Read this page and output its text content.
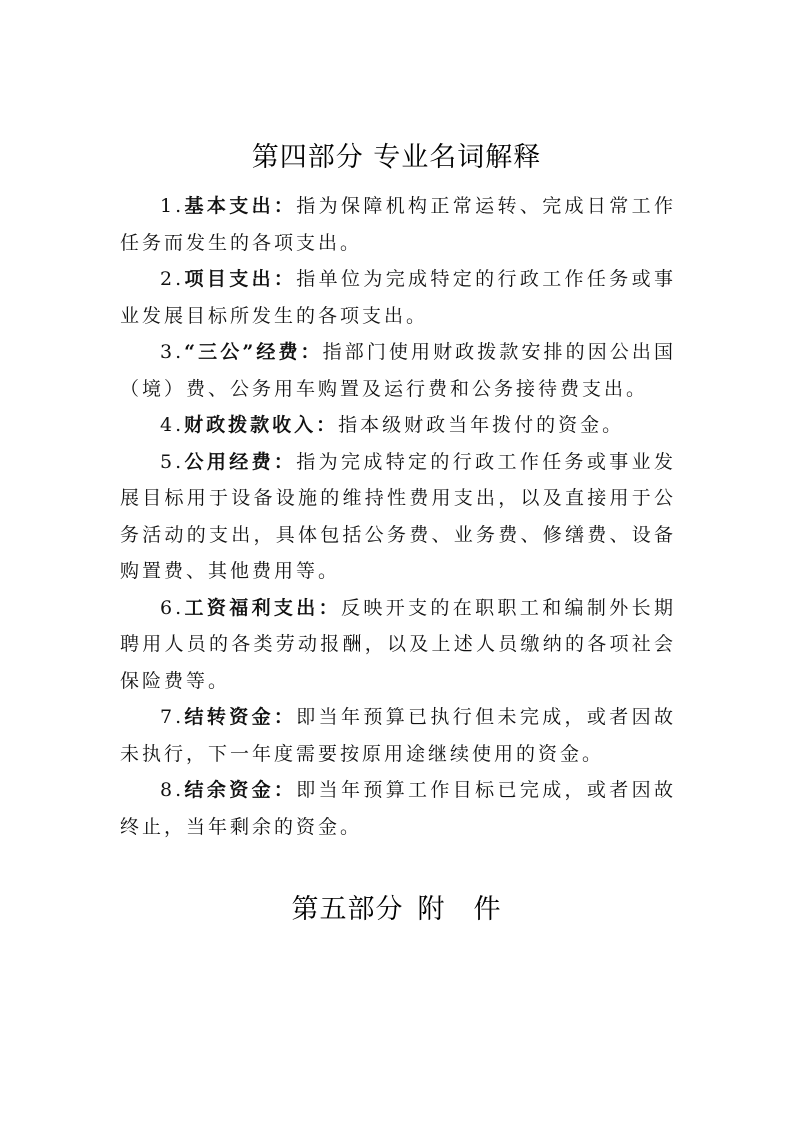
第四部分 专业名词解释

1.基本支出：指为保障机构正常运转、完成日常工作任务而发生的各项支出。

2.项目支出：指单位为完成特定的行政工作任务或事业发展目标所发生的各项支出。

3.“三公”经费：指部门使用财政拨款安排的因公出国（境）费、公务用车购置及运行费和公务接待费支出。

4.财政拨款收入：指本级财政当年拨付的资金。

5.公用经费：指为完成特定的行政工作任务或事业发展目标用于设备设施的维持性费用支出，以及直接用于公务活动的支出，具体包括公务费、业务费、修缮费、设备购置费、其他费用等。

6.工资福利支出：反映开支的在职职工和编制外长期聘用人员的各类劳动报酬，以及上述人员缴纳的各项社会保险费等。

7.结转资金：即当年预算已执行但未完成，或者因故未执行，下一年度需要按原用途继续使用的资金。

8.结余资金：即当年预算工作目标已完成，或者因故终止，当年剩余的资金。

第五部分 附 件
